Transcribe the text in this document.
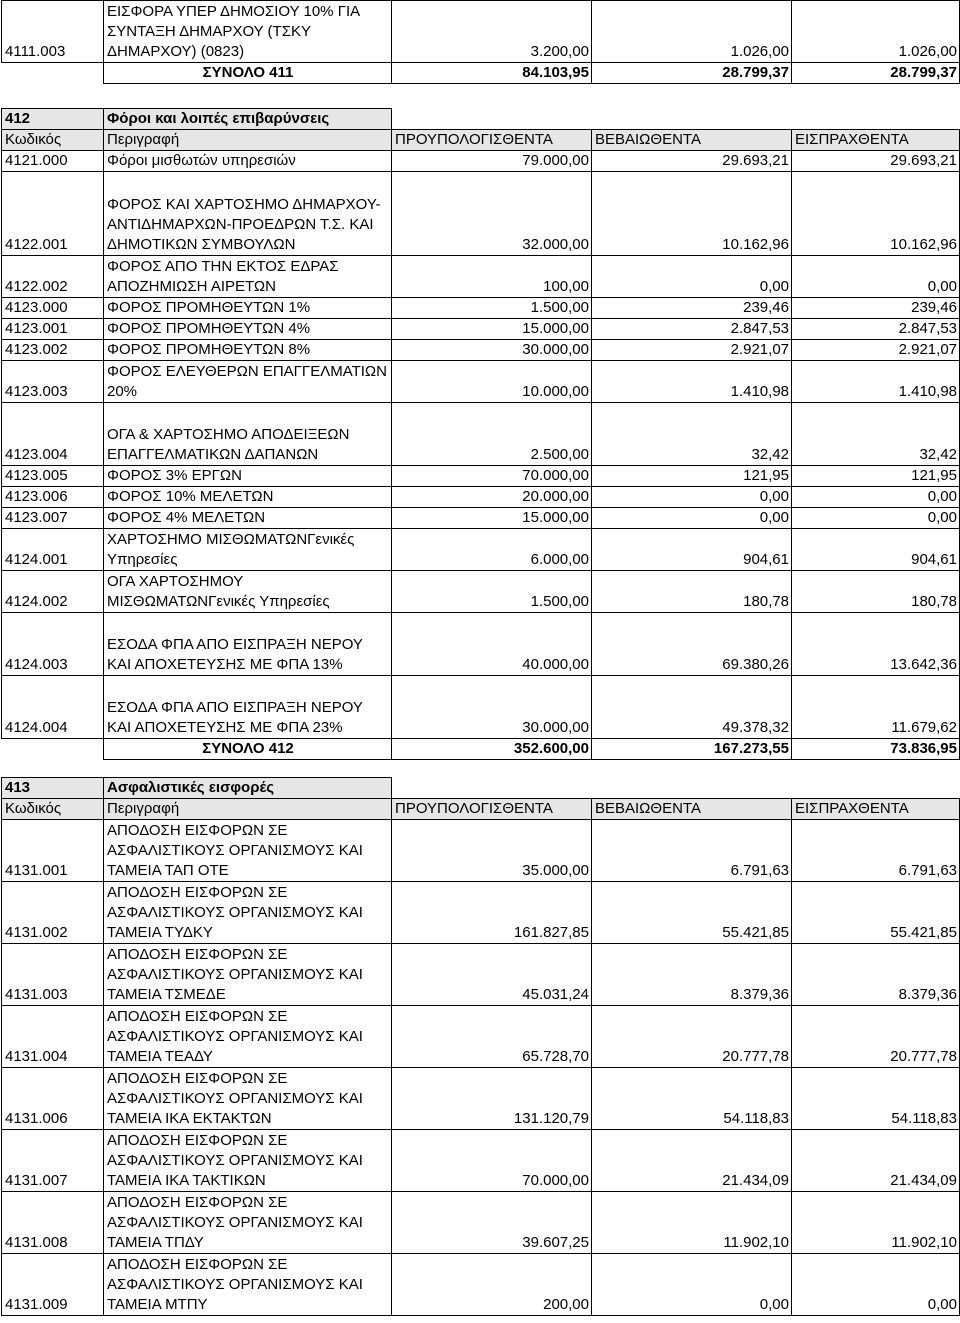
4111.003	ΕΙΣΦΟΡΑ ΥΠΕΡ ΔΗΜΟΣΙΟΥ 10% ΓΙΑ ΣΥΝΤΑΞΗ ΔΗΜΑΡΧΟΥ (ΤΣΚΥ ΔΗΜΑΡΧΟΥ) (0823)	3.200,00	1.026,00	1.026,00
	ΣΥΝΟΛΟ 411	84.103,95	28.799,37	28.799,37
412	Φόροι και λοιπές επιβαρύνσεις			
Κωδικός	Περιγραφή	ΠΡΟΥΠΟΛΟΓΙΣΘΕΝΤΑ	ΒΕΒΑΙΩΘΕΝΤΑ	ΕΙΣΠΡΑΧΘΕΝΤΑ
4121.000	Φόροι μισθωτών υπηρεσιών	79.000,00	29.693,21	29.693,21
4122.001	ΦΟΡΟΣ ΚΑΙ ΧΑΡΤΟΣΗΜΟ ΔΗΜΑΡΧΟΥ-ΑΝΤΙΔΗΜΑΡΧΩΝ-ΠΡΟΕΔΡΩΝ Τ.Σ. ΚΑΙ ΔΗΜΟΤΙΚΩΝ ΣΥΜΒΟΥΛΩΝ	32.000,00	10.162,96	10.162,96
4122.002	ΦΟΡΟΣ ΑΠΟ ΤΗΝ ΕΚΤΟΣ ΕΔΡΑΣ ΑΠΟΖΗΜΙΩΣΗ ΑΙΡΕΤΩΝ	100,00	0,00	0,00
4123.000	ΦΟΡΟΣ ΠΡΟΜΗΘΕΥΤΩΝ 1%	1.500,00	239,46	239,46
4123.001	ΦΟΡΟΣ ΠΡΟΜΗΘΕΥΤΩΝ 4%	15.000,00	2.847,53	2.847,53
4123.002	ΦΟΡΟΣ ΠΡΟΜΗΘΕΥΤΩΝ 8%	30.000,00	2.921,07	2.921,07
4123.003	ΦΟΡΟΣ ΕΛΕΥΘΕΡΩΝ ΕΠΑΓΓΕΛΜΑΤΙΩΝ 20%	10.000,00	1.410,98	1.410,98
4123.004	ΟΓΑ & ΧΑΡΤΟΣΗΜΟ ΑΠΟΔΕΙΞΕΩΝ ΕΠΑΓΓΕΛΜΑΤΙΚΩΝ ΔΑΠΑΝΩΝ	2.500,00	32,42	32,42
4123.005	ΦΟΡΟΣ 3% ΕΡΓΩΝ	70.000,00	121,95	121,95
4123.006	ΦΟΡΟΣ 10% ΜΕΛΕΤΩΝ	20.000,00	0,00	0,00
4123.007	ΦΟΡΟΣ 4% ΜΕΛΕΤΩΝ	15.000,00	0,00	0,00
4124.001	ΧΑΡΤΟΣΗΜΟ ΜΙΣΘΩΜΑΤΩΝΓενικές Υπηρεσίες	6.000,00	904,61	904,61
4124.002	ΟΓΑ ΧΑΡΤΟΣΗΜΟΥ ΜΙΣΘΩΜΑΤΩΝΓενικές Υπηρεσίες	1.500,00	180,78	180,78
4124.003	ΕΣΟΔΑ ΦΠΑ ΑΠΟ ΕΙΣΠΡΑΞΗ ΝΕΡΟΥ ΚΑΙ ΑΠΟΧΕΤΕΥΣΗΣ ΜΕ ΦΠΑ 13%	40.000,00	69.380,26	13.642,36
4124.004	ΕΣΟΔΑ ΦΠΑ ΑΠΟ ΕΙΣΠΡΑΞΗ ΝΕΡΟΥ ΚΑΙ ΑΠΟΧΕΤΕΥΣΗΣ ΜΕ ΦΠΑ 23%	30.000,00	49.378,32	11.679,62
	ΣΥΝΟΛΟ 412	352.600,00	167.273,55	73.836,95
413	Ασφαλιστικές εισφορές			
Κωδικός	Περιγραφή	ΠΡΟΥΠΟΛΟΓΙΣΘΕΝΤΑ	ΒΕΒΑΙΩΘΕΝΤΑ	ΕΙΣΠΡΑΧΘΕΝΤΑ
4131.001	ΑΠΟΔΟΣΗ ΕΙΣΦΟΡΩΝ ΣΕ ΑΣΦΑΛΙΣΤΙΚΟΥΣ ΟΡΓΑΝΙΣΜΟΥΣ ΚΑΙ ΤΑΜΕΙΑ ΤΑΠ ΟΤΕ	35.000,00	6.791,63	6.791,63
4131.002	ΑΠΟΔΟΣΗ ΕΙΣΦΟΡΩΝ ΣΕ ΑΣΦΑΛΙΣΤΙΚΟΥΣ ΟΡΓΑΝΙΣΜΟΥΣ ΚΑΙ ΤΑΜΕΙΑ ΤΥΔΚΥ	161.827,85	55.421,85	55.421,85
4131.003	ΑΠΟΔΟΣΗ ΕΙΣΦΟΡΩΝ ΣΕ ΑΣΦΑΛΙΣΤΙΚΟΥΣ ΟΡΓΑΝΙΣΜΟΥΣ ΚΑΙ ΤΑΜΕΙΑ ΤΣΜΕΔΕ	45.031,24	8.379,36	8.379,36
4131.004	ΑΠΟΔΟΣΗ ΕΙΣΦΟΡΩΝ ΣΕ ΑΣΦΑΛΙΣΤΙΚΟΥΣ ΟΡΓΑΝΙΣΜΟΥΣ ΚΑΙ ΤΑΜΕΙΑ ΤΕΑΔΥ	65.728,70	20.777,78	20.777,78
4131.006	ΑΠΟΔΟΣΗ ΕΙΣΦΟΡΩΝ ΣΕ ΑΣΦΑΛΙΣΤΙΚΟΥΣ ΟΡΓΑΝΙΣΜΟΥΣ ΚΑΙ ΤΑΜΕΙΑ ΙΚΑ ΕΚΤΑΚΤΩΝ	131.120,79	54.118,83	54.118,83
4131.007	ΑΠΟΔΟΣΗ ΕΙΣΦΟΡΩΝ ΣΕ ΑΣΦΑΛΙΣΤΙΚΟΥΣ ΟΡΓΑΝΙΣΜΟΥΣ ΚΑΙ ΤΑΜΕΙΑ ΙΚΑ ΤΑΚΤΙΚΩΝ	70.000,00	21.434,09	21.434,09
4131.008	ΑΠΟΔΟΣΗ ΕΙΣΦΟΡΩΝ ΣΕ ΑΣΦΑΛΙΣΤΙΚΟΥΣ ΟΡΓΑΝΙΣΜΟΥΣ ΚΑΙ ΤΑΜΕΙΑ ΤΠΔΥ	39.607,25	11.902,10	11.902,10
4131.009	ΑΠΟΔΟΣΗ ΕΙΣΦΟΡΩΝ ΣΕ ΑΣΦΑΛΙΣΤΙΚΟΥΣ ΟΡΓΑΝΙΣΜΟΥΣ ΚΑΙ ΤΑΜΕΙΑ ΜΤΠΥ	200,00	0,00	0,00
